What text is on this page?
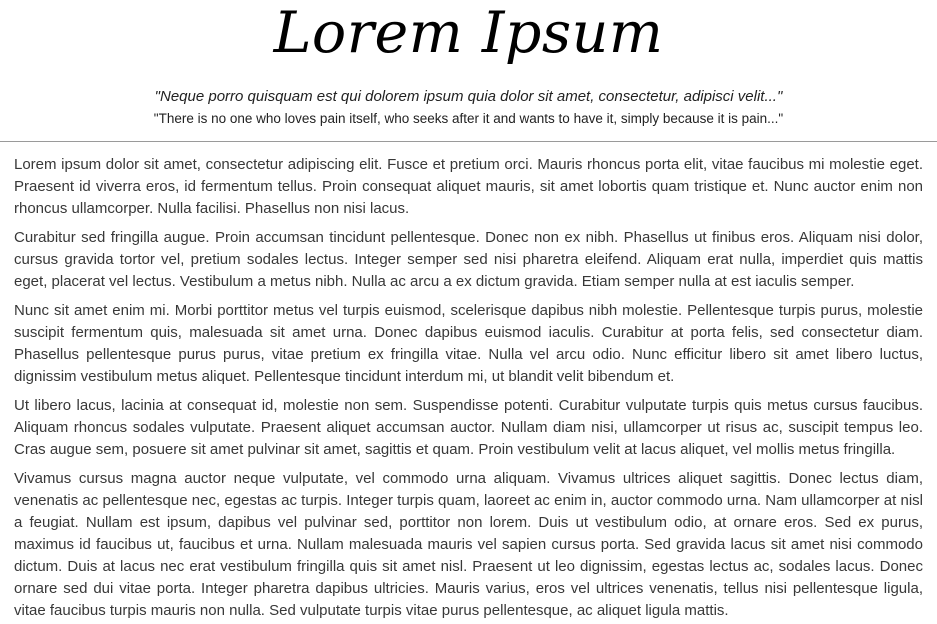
Lorem Ipsum

"Neque porro quisquam est qui dolorem ipsum quia dolor sit amet, consectetur, adipisci velit..."

"There is no one who loves pain itself, who seeks after it and wants to have it, simply because it is pain..."

Lorem ipsum dolor sit amet, consectetur adipiscing elit. Fusce et pretium orci. Mauris rhoncus porta elit, vitae faucibus mi molestie eget. Praesent id viverra eros, id fermentum tellus. Proin consequat aliquet mauris, sit amet lobortis quam tristique et. Nunc auctor enim non rhoncus ullamcorper. Nulla facilisi. Phasellus non nisi lacus.

Curabitur sed fringilla augue. Proin accumsan tincidunt pellentesque. Donec non ex nibh. Phasellus ut finibus eros. Aliquam nisi dolor, cursus gravida tortor vel, pretium sodales lectus. Integer semper sed nisi pharetra eleifend. Aliquam erat nulla, imperdiet quis mattis eget, placerat vel lectus. Vestibulum a metus nibh. Nulla ac arcu a ex dictum gravida. Etiam semper nulla at est iaculis semper.

Nunc sit amet enim mi. Morbi porttitor metus vel turpis euismod, scelerisque dapibus nibh molestie. Pellentesque turpis purus, molestie suscipit fermentum quis, malesuada sit amet urna. Donec dapibus euismod iaculis. Curabitur at porta felis, sed consectetur diam. Phasellus pellentesque purus purus, vitae pretium ex fringilla vitae. Nulla vel arcu odio. Nunc efficitur libero sit amet libero luctus, dignissim vestibulum metus aliquet. Pellentesque tincidunt interdum mi, ut blandit velit bibendum et.

Ut libero lacus, lacinia at consequat id, molestie non sem. Suspendisse potenti. Curabitur vulputate turpis quis metus cursus faucibus. Aliquam rhoncus sodales vulputate. Praesent aliquet accumsan auctor. Nullam diam nisi, ullamcorper ut risus ac, suscipit tempus leo. Cras augue sem, posuere sit amet pulvinar sit amet, sagittis et quam. Proin vestibulum velit at lacus aliquet, vel mollis metus fringilla.

Vivamus cursus magna auctor neque vulputate, vel commodo urna aliquam. Vivamus ultrices aliquet sagittis. Donec lectus diam, venenatis ac pellentesque nec, egestas ac turpis. Integer turpis quam, laoreet ac enim in, auctor commodo urna. Nam ullamcorper at nisl a feugiat. Nullam est ipsum, dapibus vel pulvinar sed, porttitor non lorem. Duis ut vestibulum odio, at ornare eros. Sed ex purus, maximus id faucibus ut, faucibus et urna. Nullam malesuada mauris vel sapien cursus porta. Sed gravida lacus sit amet nisi commodo dictum. Duis at lacus nec erat vestibulum fringilla quis sit amet nisl. Praesent ut leo dignissim, egestas lectus ac, sodales lacus. Donec ornare sed dui vitae porta. Integer pharetra dapibus ultricies. Mauris varius, eros vel ultrices venenatis, tellus nisi pellentesque ligula, vitae faucibus turpis mauris non nulla. Sed vulputate turpis vitae purus pellentesque, ac aliquet ligula mattis.
